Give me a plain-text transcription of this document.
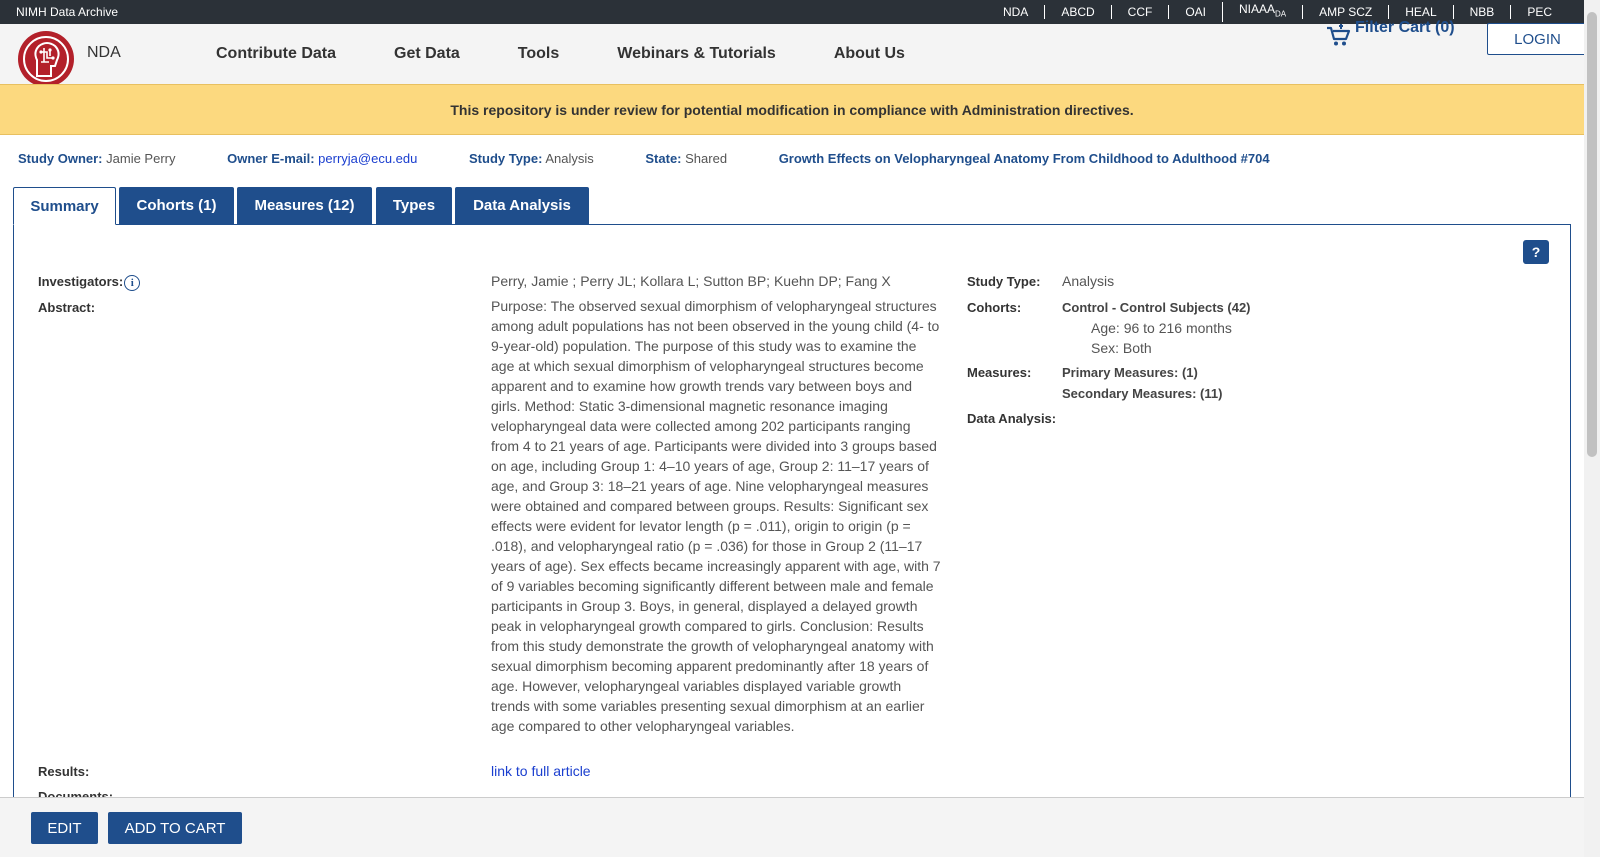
NIMH Data Archive	NDA	ABCD	CCF	OAI	$NIAAA_{DA}$	AMP SCZ	HEAL	NBB	PEC
NDA	Contribute Data	Get Data	Tools	Webinars & Tutorials	About Us
Filter Cart (0)
LOGIN
This repository is under review for potential modification in compliance with Administration directives.
Study Owner: Jamie Perry	Owner E-mail: perryja@ecu.edu	Study Type: Analysis	State: Shared	Growth Effects on Velopharyngeal Anatomy From Childhood to Adulthood #704
Summary	Cohorts (1)	Measures (12)	Types	Data Analysis
?
Investigators: i	Perry, Jamie ; Perry JL; Kollara L; Sutton BP; Kuehn DP; Fang X
Abstract:	Purpose: The observed sexual dimorphism of velopharyngeal structures among adult populations has not been observed in the young child (4- to 9-year-old) population. The purpose of this study was to examine the age at which sexual dimorphism of velopharyngeal structures become apparent and to examine how growth trends vary between boys and girls. Method: Static 3-dimensional magnetic resonance imaging velopharyngeal data were collected among 202 participants ranging from 4 to 21 years of age. Participants were divided into 3 groups based on age, including Group 1: 4–10 years of age, Group 2: 11–17 years of age, and Group 3: 18–21 years of age. Nine velopharyngeal measures were obtained and compared between groups. Results: Significant sex effects were evident for levator length (p = .011), origin to origin (p = .018), and velopharyngeal ratio (p = .036) for those in Group 2 (11–17 years of age). Sex effects became increasingly apparent with age, with 7 of 9 variables becoming significantly different between male and female participants in Group 3. Boys, in general, displayed a delayed growth peak in velopharyngeal growth compared to girls. Conclusion: Results from this study demonstrate the growth of velopharyngeal anatomy with sexual dimorphism becoming apparent predominantly after 18 years of age. However, velopharyngeal variables displayed variable growth trends with some variables presenting sexual dimorphism at an earlier age compared to other velopharyngeal variables.
Results:	link to full article
Study Type: Analysis
Cohorts:	Control - Control Subjects (42)
Age: 96 to 216 months
Sex: Both
Measures: Primary Measures: (1)
Secondary Measures: (11)
Data Analysis:
EDIT	ADD TO CART
